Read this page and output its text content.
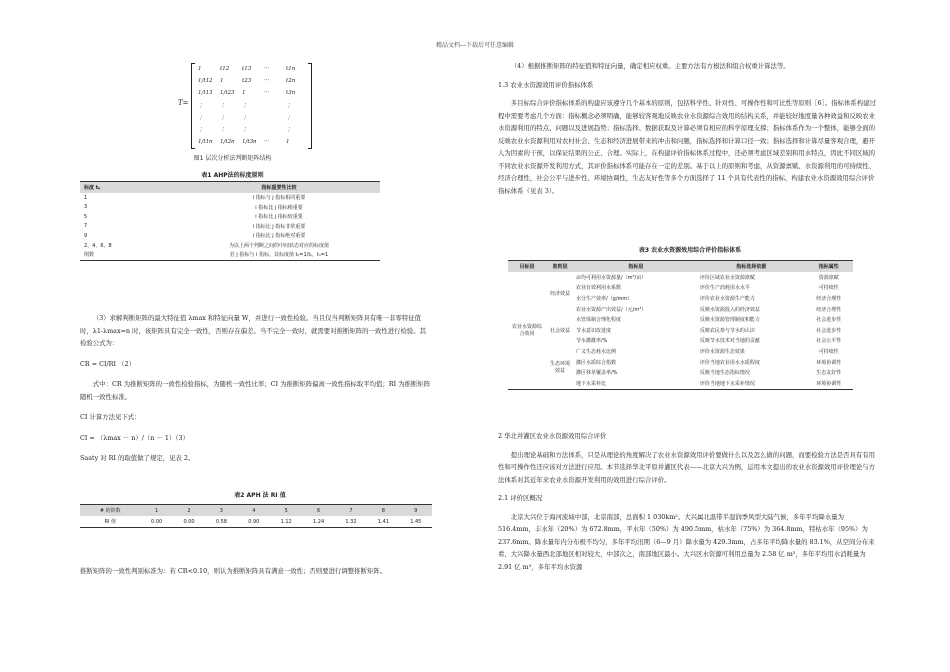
精品文档---下载后可任意编辑
T=
1	t12	t13	···	t1n
1/t12	1	t23	···	t2n
1/t13	1/t23	1	···	t3n
⋮	⋮	⋮	⋮
⋮	⋮	⋮	⋮
⋮	⋮	⋮	⋮
1/t1n	1/t2n	1/t3n	···	1
图1 层次分析法判断矩阵结构
表1 AHP法的标度原则
标度 tᵢⱼ	指标重要性比较
1	i 指标与 j 指标相同重要
3	i 指标比 j 指标稍重要
5	i 指标比 j 指标较重要
7	i 指标比 j 指标非常重要
9	i 指标比 j 指标绝对重要
2、4、6、8	为以上两个判断之间的中间状态对应的标度值
倒数	若 j 指标与 i 指标，其标度值 tᵢⱼ=1/tⱼᵢ，tᵢᵢ=1

（3）求解判断矩阵的最大特征值 λmax 和特征向量 W，并进行一致性检验。当且仅当判断矩阵具有唯一非零特征值时，λ1-λmax=n 时，该矩阵具有完全一致性，否则存在偏差。当不完全一致时，就需要对推断矩阵的一致性进行检验。其检验公式为：

CR = CI/RI （2）

式中：CR 为推断矩阵的一致性检验指标，为随机一致性比率；CI 为推断矩阵偏离一致性指标取平均值；RI 为推断矩阵随机一致性标准。

CI 计算方法见下式：

CI = （λmax － n）/（n － 1）（3）

Saaty 对 RI 的取值做了规定，见表 2。

表2 APH 法 RI 值
# 的阶数	1	2	3	4	5	6	7	8	9
RI 值	0.00	0.00	0.58	0.90	1.12	1.24	1.32	1.41	1.45

推断矩阵的一致性判别标准为：若 CR<0.10，则认为推断矩阵具有满意一致性；否则要进行调整推断矩阵。

（4）根据推断矩阵的特征值和特征向量，确定相应权重。主要方法有方根法和组合权重计算法等。

1.3 农业水资源效用评价指标体系

多目标综合评价指标体系的构建应该遵守几个基本的原则，包括科学性、针对性、可操作性和可比性等原则［6］。指标体系构建过程中需要考虑几个方面：指标概念必须明确，能够较客观地反映农业水资源综合效用的结构关系，并能较好地度量各种效益和反映农业水资源利用的特点、问题以及进展趋势；指标选择、数据获取及计算必须有相应的科学原理支撑；指标体系作为一个整体，能够全面的反映农业水资源利用对农村社会、生态和经济进展带来的冲击和问题，指标选择和计算口径一致；指标选择和计算尽量客观合理，避开人为因素的干预，以保证结果的公正、合理。实际上，在构建评价指标体系过程中，还必须考虑区域差别和用水特点，因此不同区域的不同农业水资源开发利用方式，其评价指标体系可能存在一定的差别。基于以上的原则和考虑，从资源禀赋、水资源利用的可持续性、经济合理性，社会公平与进步性、环境协调性，生态友好性等多个方面选择了 11 个具有代表性的指标，构建农业水资源效用综合评价指标体系（见表 3）。

表3 农业水资源效用综合评价指标体系
目标层	准则层	指标层	指标选择依据	指标属性
农业水资源综合效用	经济效益	亩均可利用水资源量/（m³/亩）	评价区域农业水资源禀赋	资源禀赋
		农业有效利用水系数	评价生产消耗用水水平	可持续性
		水分生产效率/（g/mm）	评价农业水资源生产能力	经济合理性
		农业水资源产出效益/（元/m³）	反映水资源投入的经济效益	经济合理性
	社会效益	水管体制合理化程度	反映水资源管理制度和能力	社会进步性
		节水意识改进度	反映农民参与节水的认识	社会进步性
		节水灌溉率/%	反映节水技术对当地的贡献	社会公平性
	生态环境效益	广义生态耗水比例	评价水资源生态效果	可持续性
		灌区水质综合指数	评价当地农业用水水质程度	环境协调性
		灌区林草覆盖率/%	反映当地生态指标情况	生态友好性
		地下水采补比	评价当地地下水采补情况	环境协调性

2 华北井灌区农业水资源效用综合评价

提出理论基础和方法体系，只是从理论的角度解决了农业水资源效用评价要做什么以及怎么做的问题，而要检验方法是否具有有用性和可操作性还应该对方法进行应用。本节选择华北平原井灌区代表——北京大兴为例，运用本文提出的农业水资源效用评价理论与方法体系对其近年来农业水资源开发利用的效用进行综合评价。

2.1 评价区概况

北京大兴位于海河流域中部，北京南部，总面积 1 030km²。大兴属北温带半湿润季风型大陆气候，多年平均降水量为 516.4mm，丰水年（20%）为 672.8mm，平水年（50%）为 490.5mm，枯水年（75%）为 364.8mm，特枯水年（95%）为 237.6mm。降水量年内分布极不均匀，多年平均汛期（6—9 月）降水量为 429.3mm，占多年平均降水量的 83.1%，从空间分布来看，大兴降水量西北部地区相对较大，中部次之，南部地区最小。大兴区水资源可利用总量为 2.58 亿 m³，多年平均用水消耗量为 2.91 亿 m³，多年平均水资源
